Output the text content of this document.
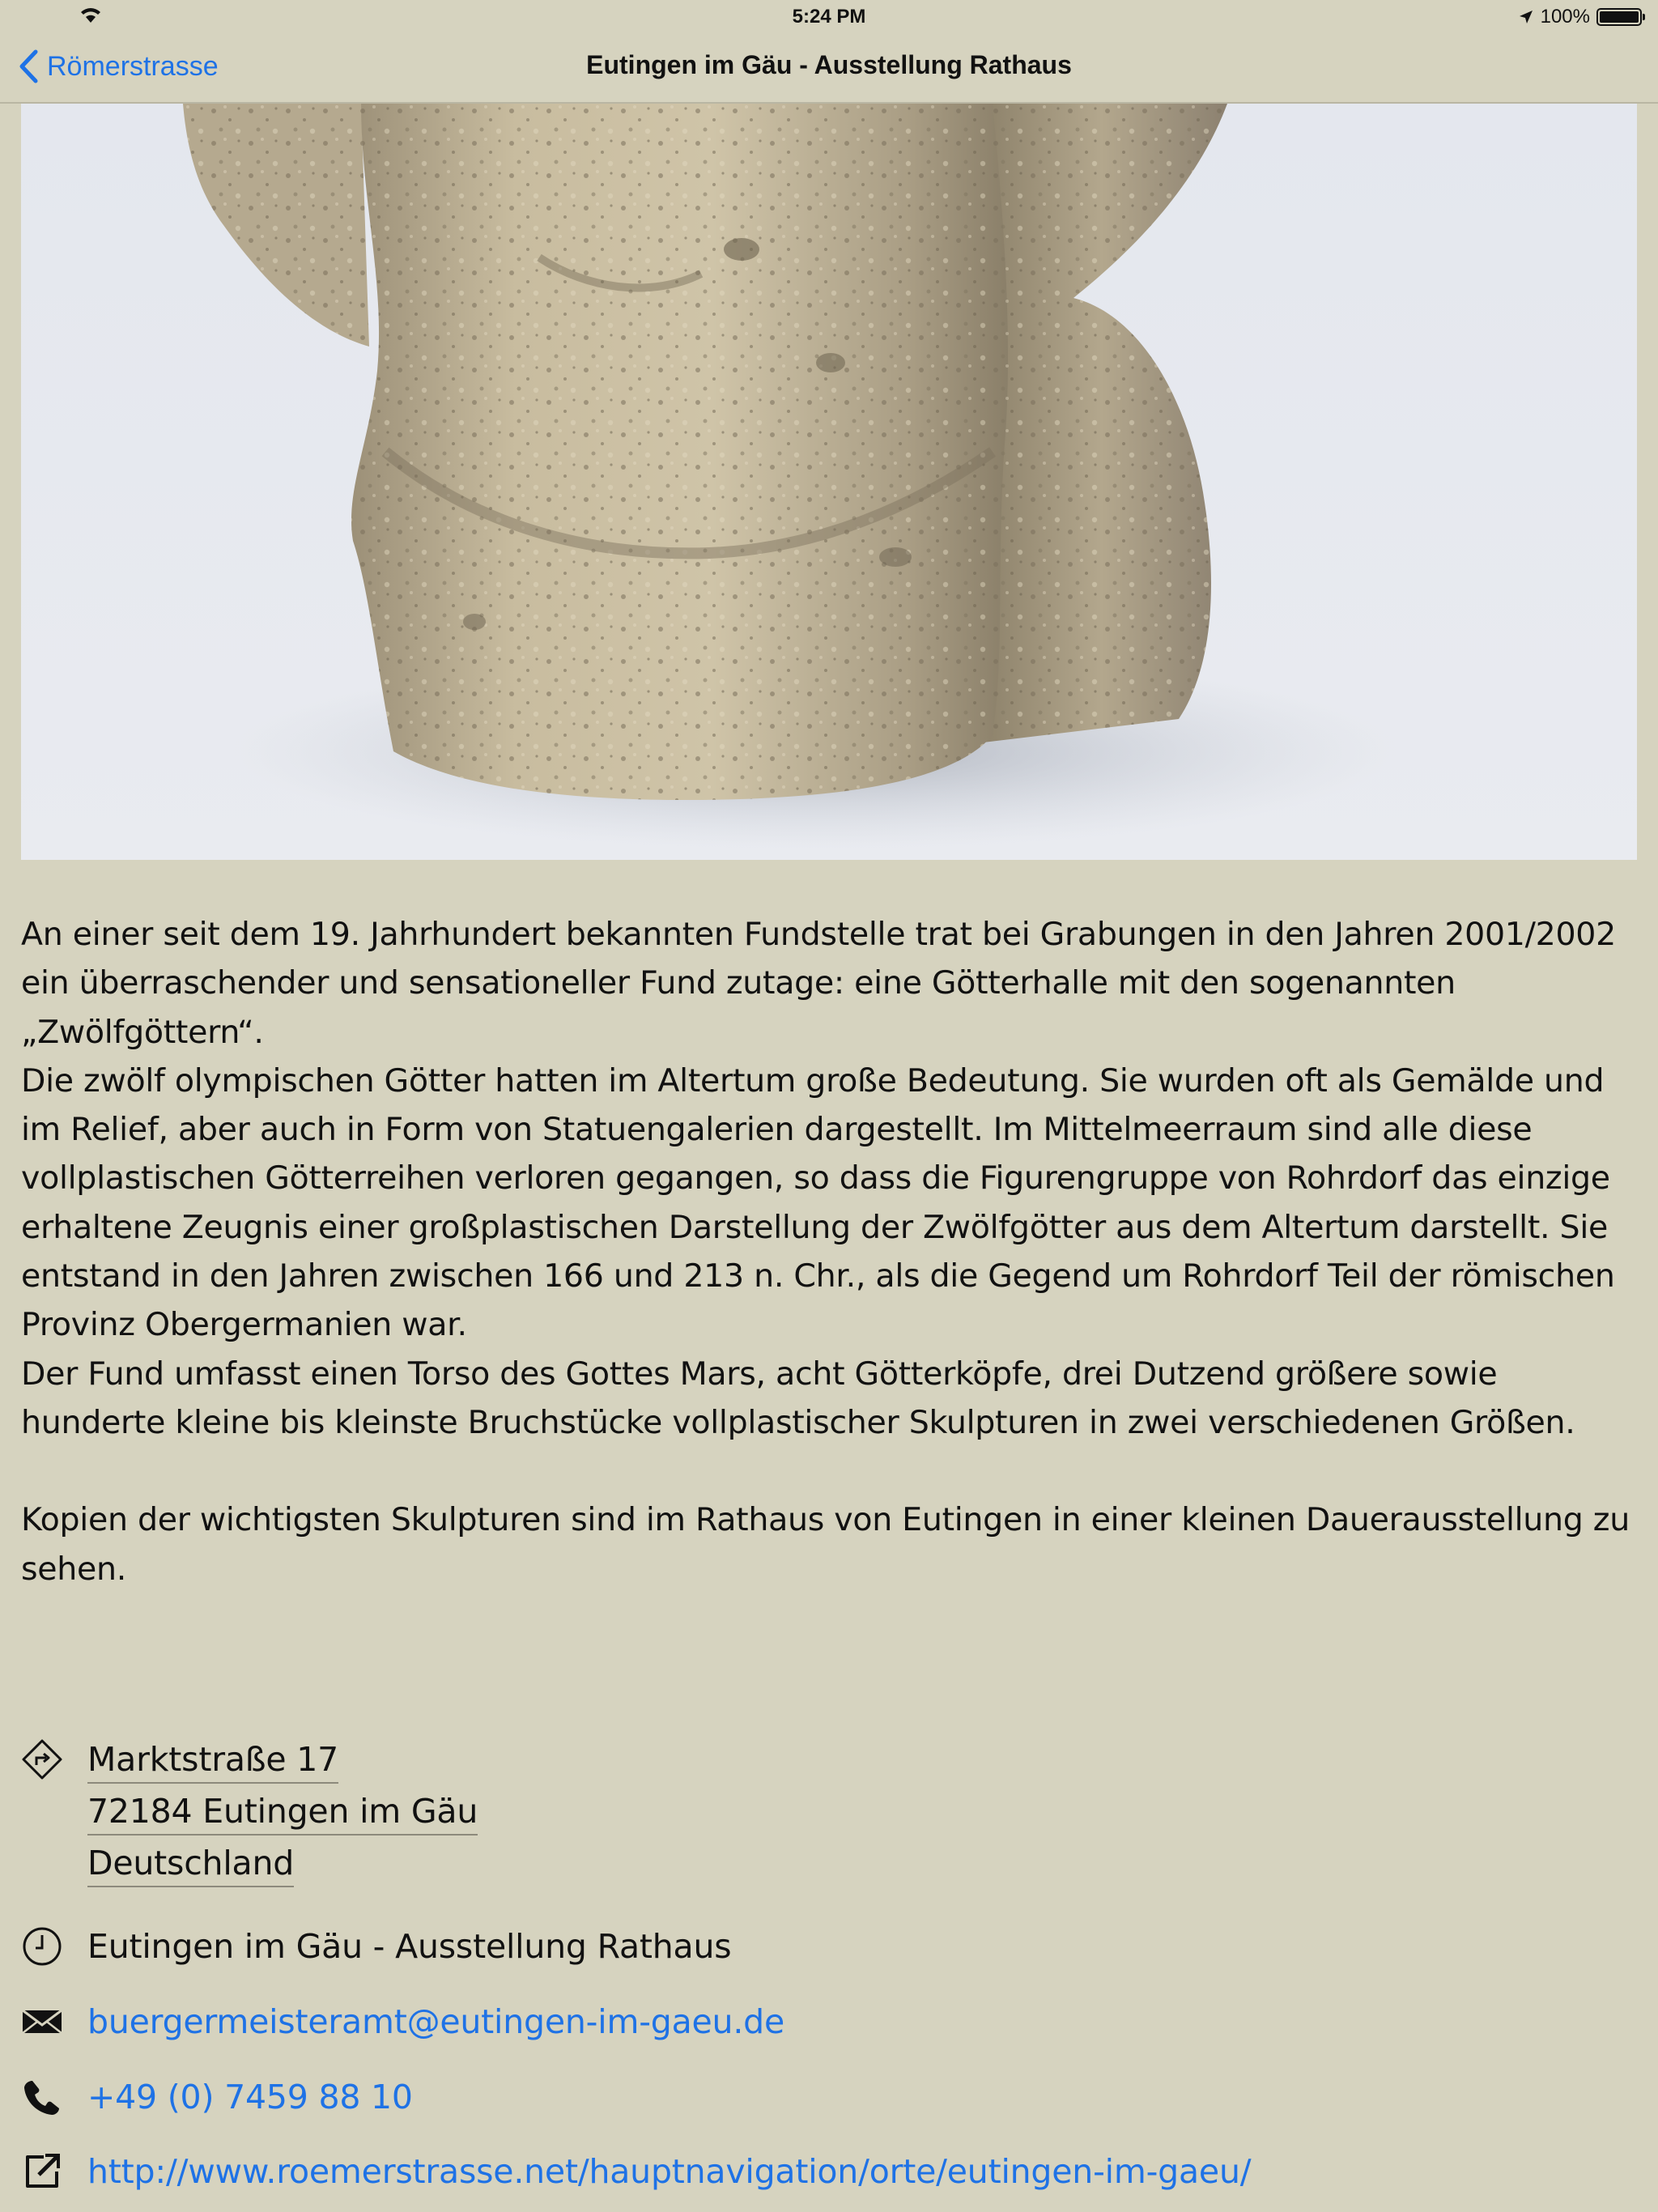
5:24 PM	100%
Römerstrasse	Eutingen im Gäu - Ausstellung Rathaus

An einer seit dem 19. Jahrhundert bekannten Fundstelle trat bei Grabungen in den Jahren 2001/2002 ein überraschender und sensationeller Fund zutage: eine Götterhalle mit den sogenannten „Zwölfgöttern“.

Die zwölf olympischen Götter hatten im Altertum große Bedeutung. Sie wurden oft als Gemälde und im Relief, aber auch in Form von Statuengalerien dargestellt. Im Mittelmeerraum sind alle diese vollplastischen Götterreihen verloren gegangen, so dass die Figurengruppe von Rohrdorf das einzige erhaltene Zeugnis einer großplastischen Darstellung der Zwölfgötter aus dem Altertum darstellt. Sie entstand in den Jahren zwischen 166 und 213 n. Chr., als die Gegend um Rohrdorf Teil der römischen Provinz Obergermanien war.

Der Fund umfasst einen Torso des Gottes Mars, acht Götterköpfe, drei Dutzend größere sowie hunderte kleine bis kleinste Bruchstücke vollplastischer Skulpturen in zwei verschiedenen Größen.

Kopien der wichtigsten Skulpturen sind im Rathaus von Eutingen in einer kleinen Dauerausstellung zu sehen.

Marktstraße 17
72184 Eutingen im Gäu
Deutschland
Eutingen im Gäu - Ausstellung Rathaus
buergermeisteramt@eutingen-im-gaeu.de
+49 (0) 7459 88 10
http://www.roemerstrasse.net/hauptnavigation/orte/eutingen-im-gaeu/
